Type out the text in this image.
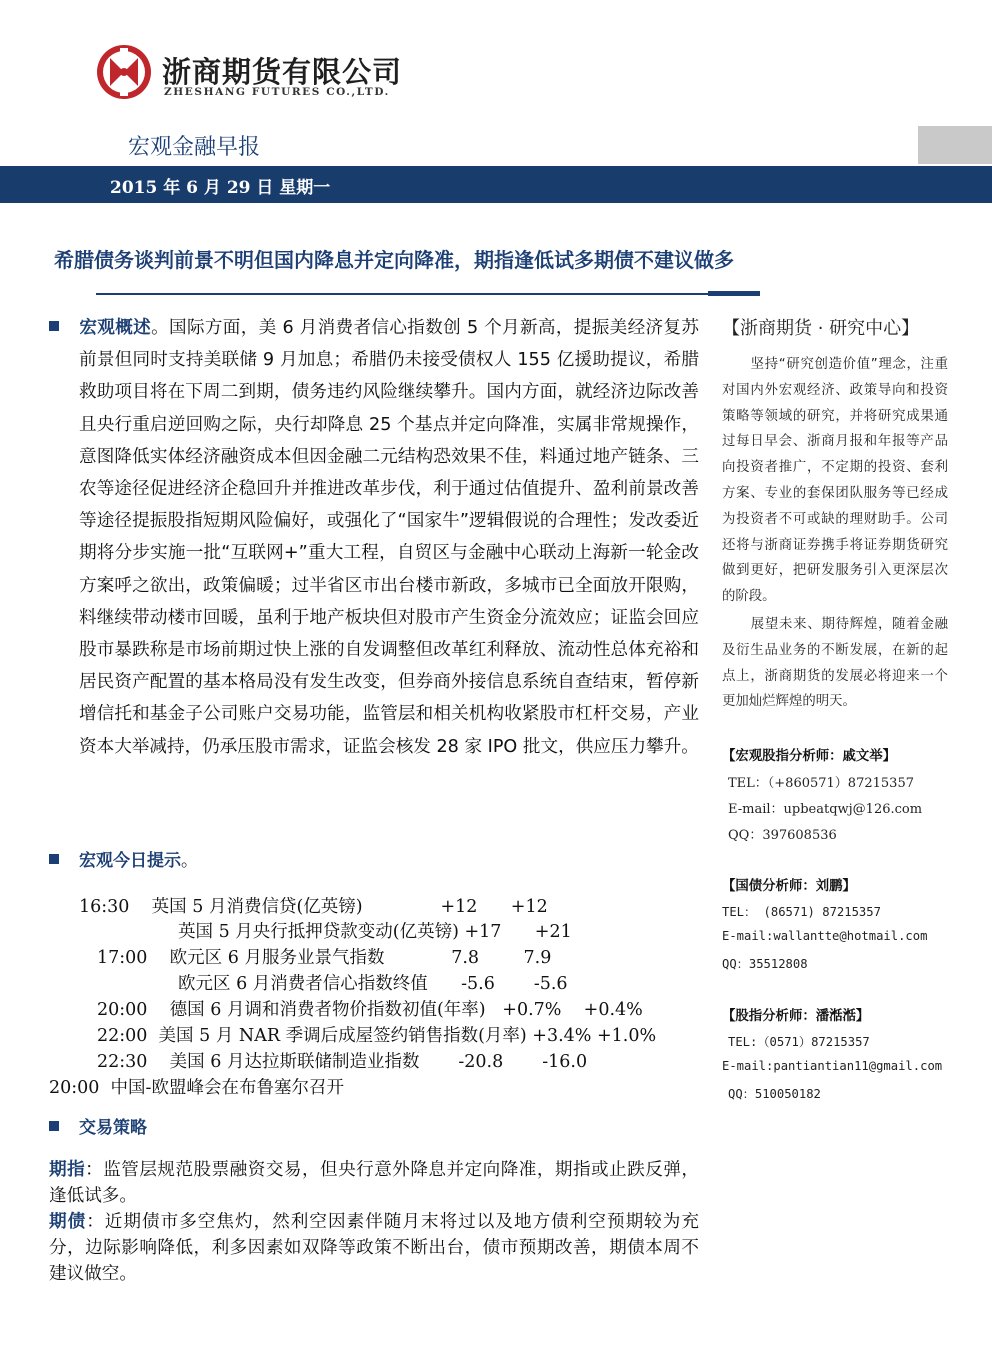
浙商期货有限公司
ZHESHANG FUTURES CO.,LTD.
宏观金融早报
2015 年 6 月 29 日 星期一
希腊债务谈判前景不明但国内降息并定向降准，期指逢低试多期债不建议做多
宏观概述。国际方面，美 6 月消费者信心指数创 5 个月新高，提振美经济复苏前景但同时支持美联储 9 月加息；希腊仍未接受债权人 155 亿援助提议，希腊救助项目将在下周二到期，债务违约风险继续攀升。国内方面，就经济边际改善且央行重启逆回购之际，央行却降息 25 个基点并定向降准，实属非常规操作，意图降低实体经济融资成本但因金融二元结构恐效果不佳，料通过地产链条、三农等途径促进经济企稳回升并推进改革步伐，利于通过估值提升、盈利前景改善等途径提振股指短期风险偏好，或强化了“国家牛”逻辑假说的合理性；发改委近期将分步实施一批“互联网+”重大工程，自贸区与金融中心联动上海新一轮金改方案呼之欲出，政策偏暖；过半省区市出台楼市新政，多城市已全面放开限购，料继续带动楼市回暖，虽利于地产板块但对股市产生资金分流效应；证监会回应股市暴跌称是市场前期过快上涨的自发调整但改革红利释放、流动性总体充裕和居民资产配置的基本格局没有发生改变，但券商外接信息系统自查结束，暂停新增信托和基金子公司账户交易功能，监管层和相关机构收紧股市杠杆交易，产业资本大举减持，仍承压股市需求，证监会核发 28 家 IPO 批文，供应压力攀升。
宏观今日提示。
16:30    英国 5 月消费信贷(亿英镑)              +12      +12
英国 5 月央行抵押贷款变动(亿英镑) +17      +21
17:00    欧元区 6 月服务业景气指数            7.8        7.9
欧元区 6 月消费者信心指数终值      -5.6       -5.6
20:00    德国 6 月调和消费者物价指数初值(年率)   +0.7%    +0.4%
22:00  美国 5 月 NAR 季调后成屋签约销售指数(月率) +3.4% +1.0%
22:30    美国 6 月达拉斯联储制造业指数       -20.8       -16.0
20:00  中国-欧盟峰会在布鲁塞尔召开
交易策略
期指：监管层规范股票融资交易，但央行意外降息并定向降准，期指或止跌反弹，逢低试多。
期债：近期债市多空焦灼，然利空因素伴随月末将过以及地方债利空预期较为充分，边际影响降低，利多因素如双降等政策不断出台，债市预期改善，期债本周不建议做空。
【浙商期货 · 研究中心】
坚持“研究创造价值”理念，注重对国内外宏观经济、政策导向和投资策略等领域的研究，并将研究成果通过每日早会、浙商月报和年报等产品向投资者推广，不定期的投资、套利方案、专业的套保团队服务等已经成为投资者不可或缺的理财助手。公司还将与浙商证券携手将证券期货研究做到更好，把研发服务引入更深层次的阶段。
展望未来、期待辉煌，随着金融及衍生品业务的不断发展，在新的起点上，浙商期货的发展必将迎来一个更加灿烂辉煌的明天。
【宏观股指分析师：戚文举】
TEL：（+860571）87215357
E-mail：upbeatqwj@126.com
QQ：397608536
【国债分析师：刘鹏】
TEL： (86571) 87215357
E-mail:wallantte@hotmail.com
QQ：35512808
【股指分析师：潘湉湉】
TEL:（0571）87215357
E-mail:pantiantian11@gmail.com
QQ：510050182
